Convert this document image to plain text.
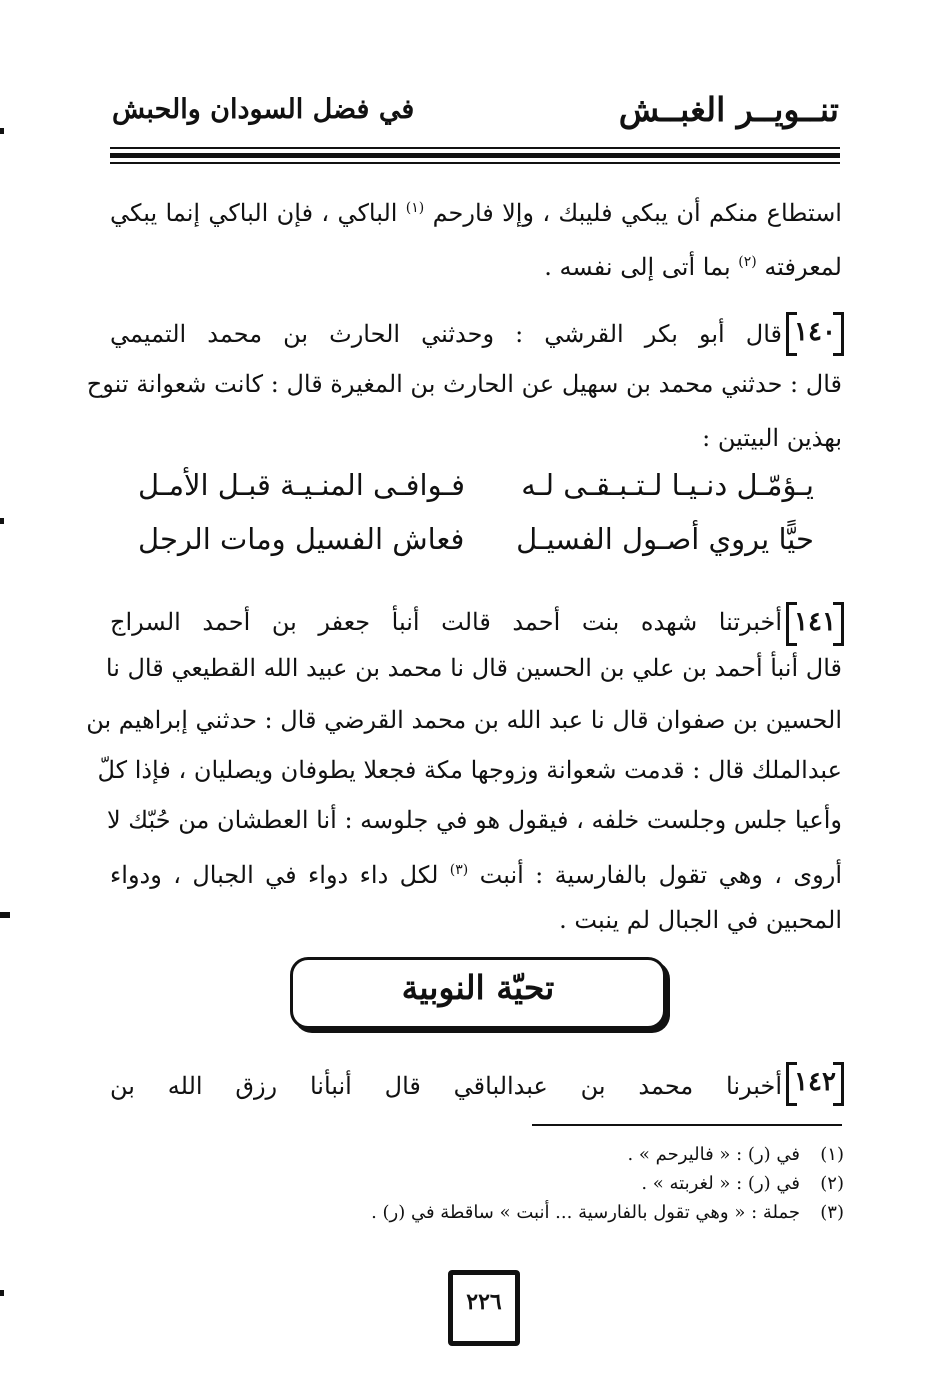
تنــويــر الغبــش
في فضل السودان والحبش
استطاع منكم أن يبكي فليبك ، وإلا فارحم $^{(١)}$ الباكي ، فإن الباكي إنما يبكي
لمعرفته $^{(٢)}$ بما أتى إلى نفسه .
١٤٠
قال أبو بكر القرشي : وحدثني الحارث بن محمد التميمي
قال : حدثني محمد بن سهيل عن الحارث بن المغيرة قال : كانت شعوانة تنوح
بهذين البيتين :
يـؤمّـل دنـيـا لـتـبـقـى لـه
فـوافـى المنـيـة قبـل الأمـل
حيًّا يروي أصـول الفسيـل
فعاش الفسيل ومات الرجل
١٤١
أخبرتنا شهده بنت أحمد قالت أنبأ جعفر بن أحمد السراج
قال أنبأ أحمد بن علي بن الحسين قال نا محمد بن عبيد الله القطيعي قال نا
الحسين بن صفوان قال نا عبد الله بن محمد القرضي قال : حدثني إبراهيم بن
عبدالملك قال : قدمت شعوانة وزوجها مكة فجعلا يطوفان ويصليان ، فإذا كلّ
وأعيا جلس وجلست خلفه ، فيقول هو في جلوسه : أنا العطشان من حُبّك لا
أروى ، وهي تقول بالفارسية : أنبت $^{(٣)}$ لكل داء دواء في الجبال ، ودواء
المحبين في الجبال لم ينبت .
تحيّة النوبية
١٤٢
أخبرنا محمد بن عبدالباقي قال أنبأنا رزق الله بن
(١)في (ر) : « فاليرحم » .
(٢)في (ر) : « لغربته » .
(٣)جملة : « وهي تقول بالفارسية ... أنبت » ساقطة في (ر) .
٢٢٦
